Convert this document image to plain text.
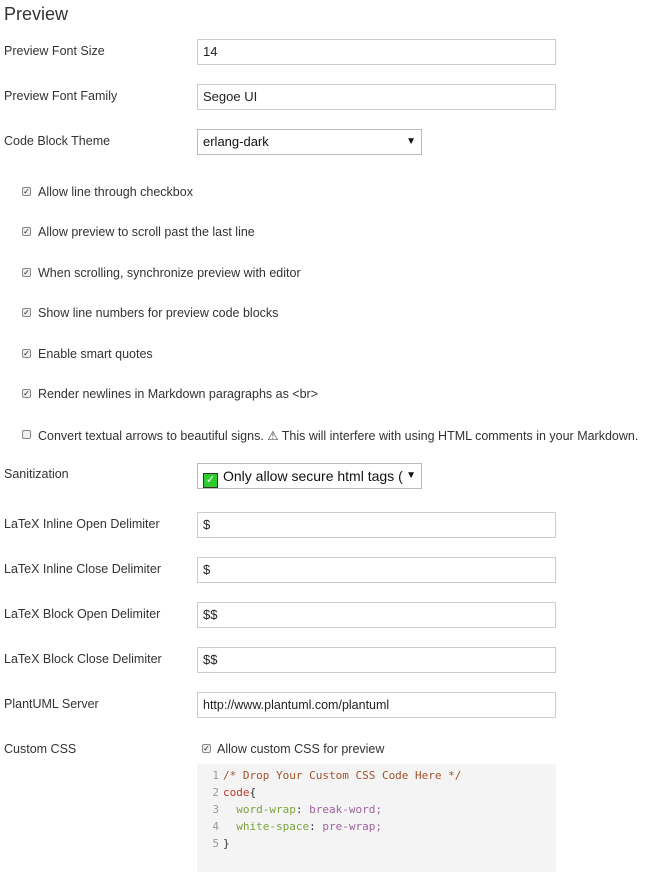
Preview
Preview Font Size	14
Preview Font Family	Segoe UI
Code Block Theme	erlang-dark	▼
✓ Allow line through checkbox
✓ Allow preview to scroll past the last line
✓ When scrolling, synchronize preview with editor
✓ Show line numbers for preview code blocks
✓ Enable smart quotes
✓ Render newlines in Markdown paragraphs as <br>
Convert textual arrows to beautiful signs. ⚠ This will interfere with using HTML comments in your Markdown.
Sanitization	✓ Only allow secure html tags ( ▼
LaTeX Inline Open Delimiter	$
LaTeX Inline Close Delimiter	$
LaTeX Block Open Delimiter	$$
LaTeX Block Close Delimiter	$$
PlantUML Server	http://www.plantuml.com/plantuml
Custom CSS	✓ Allow custom CSS for preview
1 /* Drop Your Custom CSS Code Here */
2 code{
3  word-wrap: break-word;
4  white-space: pre-wrap;
5 }
